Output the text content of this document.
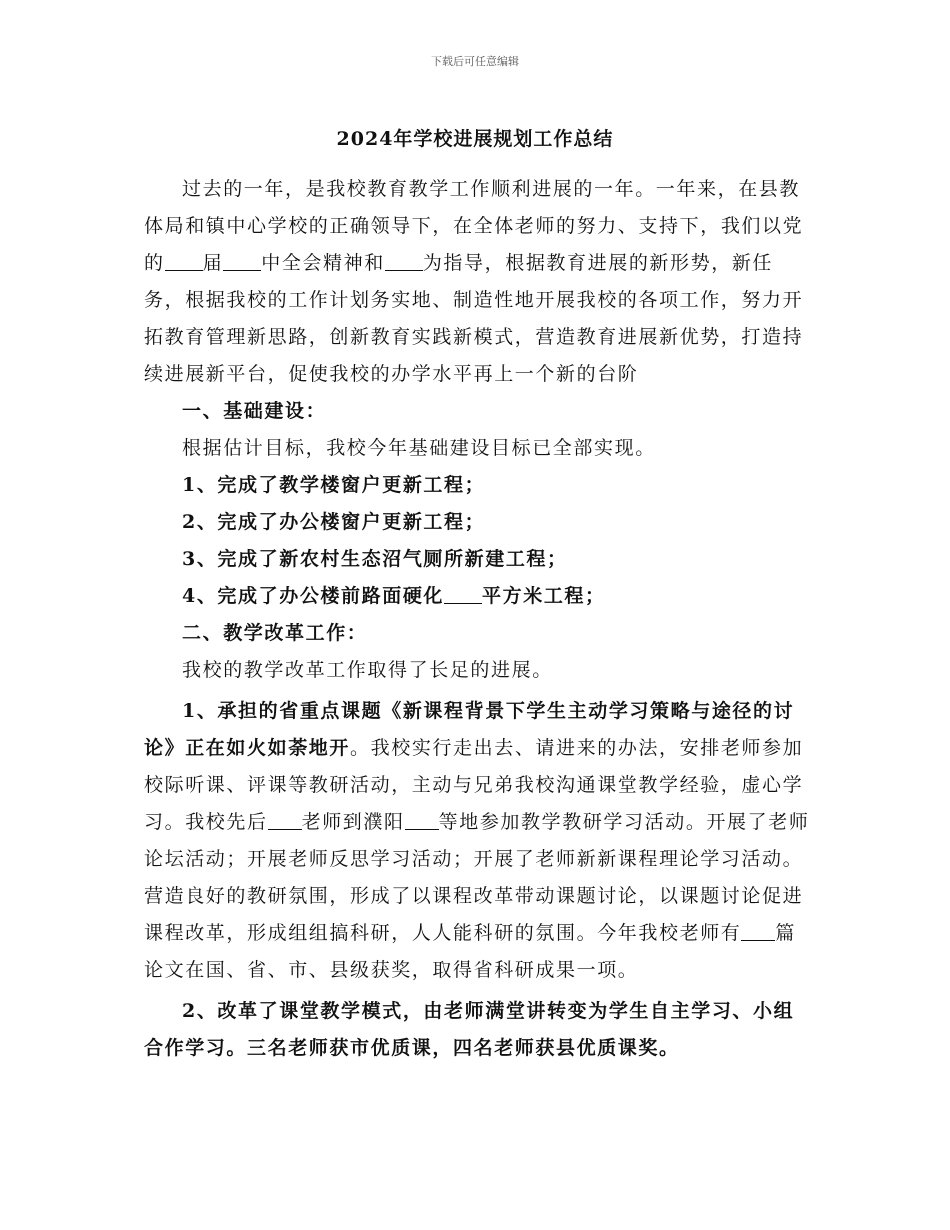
下载后可任意编辑
2024年学校进展规划工作总结

过去的一年，是我校教育教学工作顺利进展的一年。一年来，在县教体局和镇中心学校的正确领导下，在全体老师的努力、支持下，我们以党的 届 中全会精神和 为指导，根据教育进展的新形势，新任务，根据我校的工作计划务实地、制造性地开展我校的各项工作，努力开拓教育管理新思路，创新教育实践新模式，营造教育进展新优势，打造持续进展新平台，促使我校的办学水平再上一个新的台阶

一、基础建设：

根据估计目标，我校今年基础建设目标已全部实现。

1、完成了教学楼窗户更新工程；

2、完成了办公楼窗户更新工程；

3、完成了新农村生态沼气厕所新建工程；

4、完成了办公楼前路面硬化 平方米工程；

二、教学改革工作：

我校的教学改革工作取得了长足的进展。

1、承担的省重点课题《新课程背景下学生主动学习策略与途径的讨论》正在如火如荼地开。我校实行走出去、请进来的办法，安排老师参加校际听课、评课等教研活动，主动与兄弟我校沟通课堂教学经验，虚心学习。我校先后 老师到濮阳 等地参加教学教研学习活动。开展了老师论坛活动；开展老师反思学习活动；开展了老师新新课程理论学习活动。营造良好的教研氛围，形成了以课程改革带动课题讨论，以课题讨论促进课程改革，形成组组搞科研，人人能科研的氛围。今年我校老师有 篇论文在国、省、市、县级获奖，取得省科研成果一项。

2、改革了课堂教学模式，由老师满堂讲转变为学生自主学习、小组合作学习。三名老师获市优质课，四名老师获县优质课奖。
